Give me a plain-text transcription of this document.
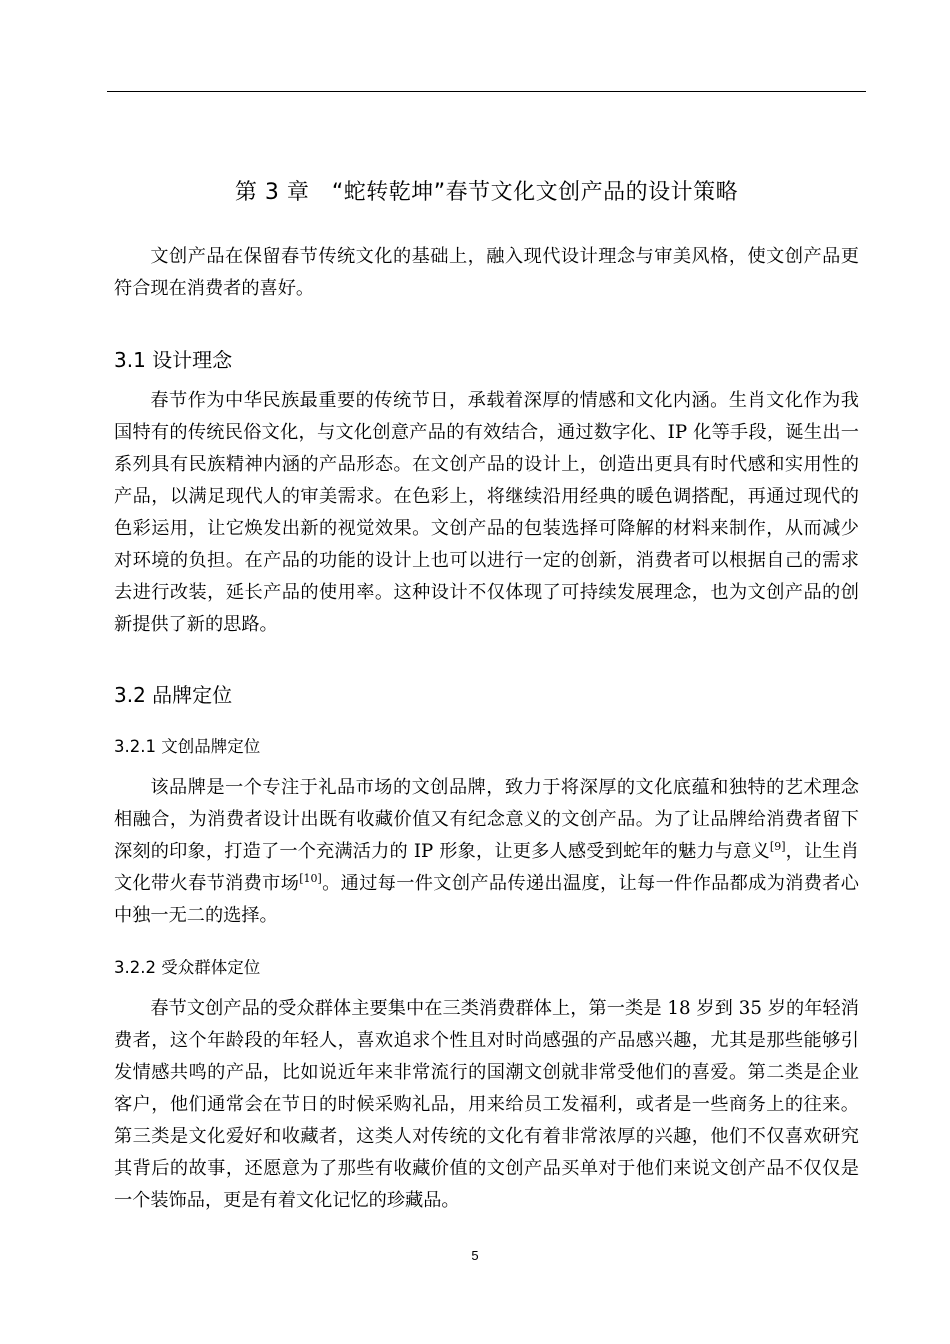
第 3 章　“蛇转乾坤”春节文化文创产品的设计策略

文创产品在保留春节传统文化的基础上，融入现代设计理念与审美风格，使文创产品更符合现在消费者的喜好。

3.1 设计理念

春节作为中华民族最重要的传统节日，承载着深厚的情感和文化内涵。生肖文化作为我国特有的传统民俗文化，与文化创意产品的有效结合，通过数字化、IP 化等手段，诞生出一系列具有民族精神内涵的产品形态。在文创产品的设计上，创造出更具有时代感和实用性的产品，以满足现代人的审美需求。在色彩上，将继续沿用经典的暖色调搭配，再通过现代的色彩运用，让它焕发出新的视觉效果。文创产品的包装选择可降解的材料来制作，从而减少对环境的负担。在产品的功能的设计上也可以进行一定的创新，消费者可以根据自己的需求去进行改装，延长产品的使用率。这种设计不仅体现了可持续发展理念，也为文创产品的创新提供了新的思路。

3.2 品牌定位
3.2.1 文创品牌定位

该品牌是一个专注于礼品市场的文创品牌，致力于将深厚的文化底蕴和独特的艺术理念相融合，为消费者设计出既有收藏价值又有纪念意义的文创产品。为了让品牌给消费者留下深刻的印象，打造了一个充满活力的 IP 形象，让更多人感受到蛇年的魅力与意义[9]，让生肖文化带火春节消费市场[10]。通过每一件文创产品传递出温度，让每一件作品都成为消费者心中独一无二的选择。

3.2.2 受众群体定位

春节文创产品的受众群体主要集中在三类消费群体上，第一类是 18 岁到 35 岁的年轻消费者，这个年龄段的年轻人，喜欢追求个性且对时尚感强的产品感兴趣，尤其是那些能够引发情感共鸣的产品，比如说近年来非常流行的国潮文创就非常受他们的喜爱。第二类是企业客户，他们通常会在节日的时候采购礼品，用来给员工发福利，或者是一些商务上的往来。第三类是文化爱好和收藏者，这类人对传统的文化有着非常浓厚的兴趣，他们不仅喜欢研究其背后的故事，还愿意为了那些有收藏价值的文创产品买单对于他们来说文创产品不仅仅是一个装饰品，更是有着文化记忆的珍藏品。

5
